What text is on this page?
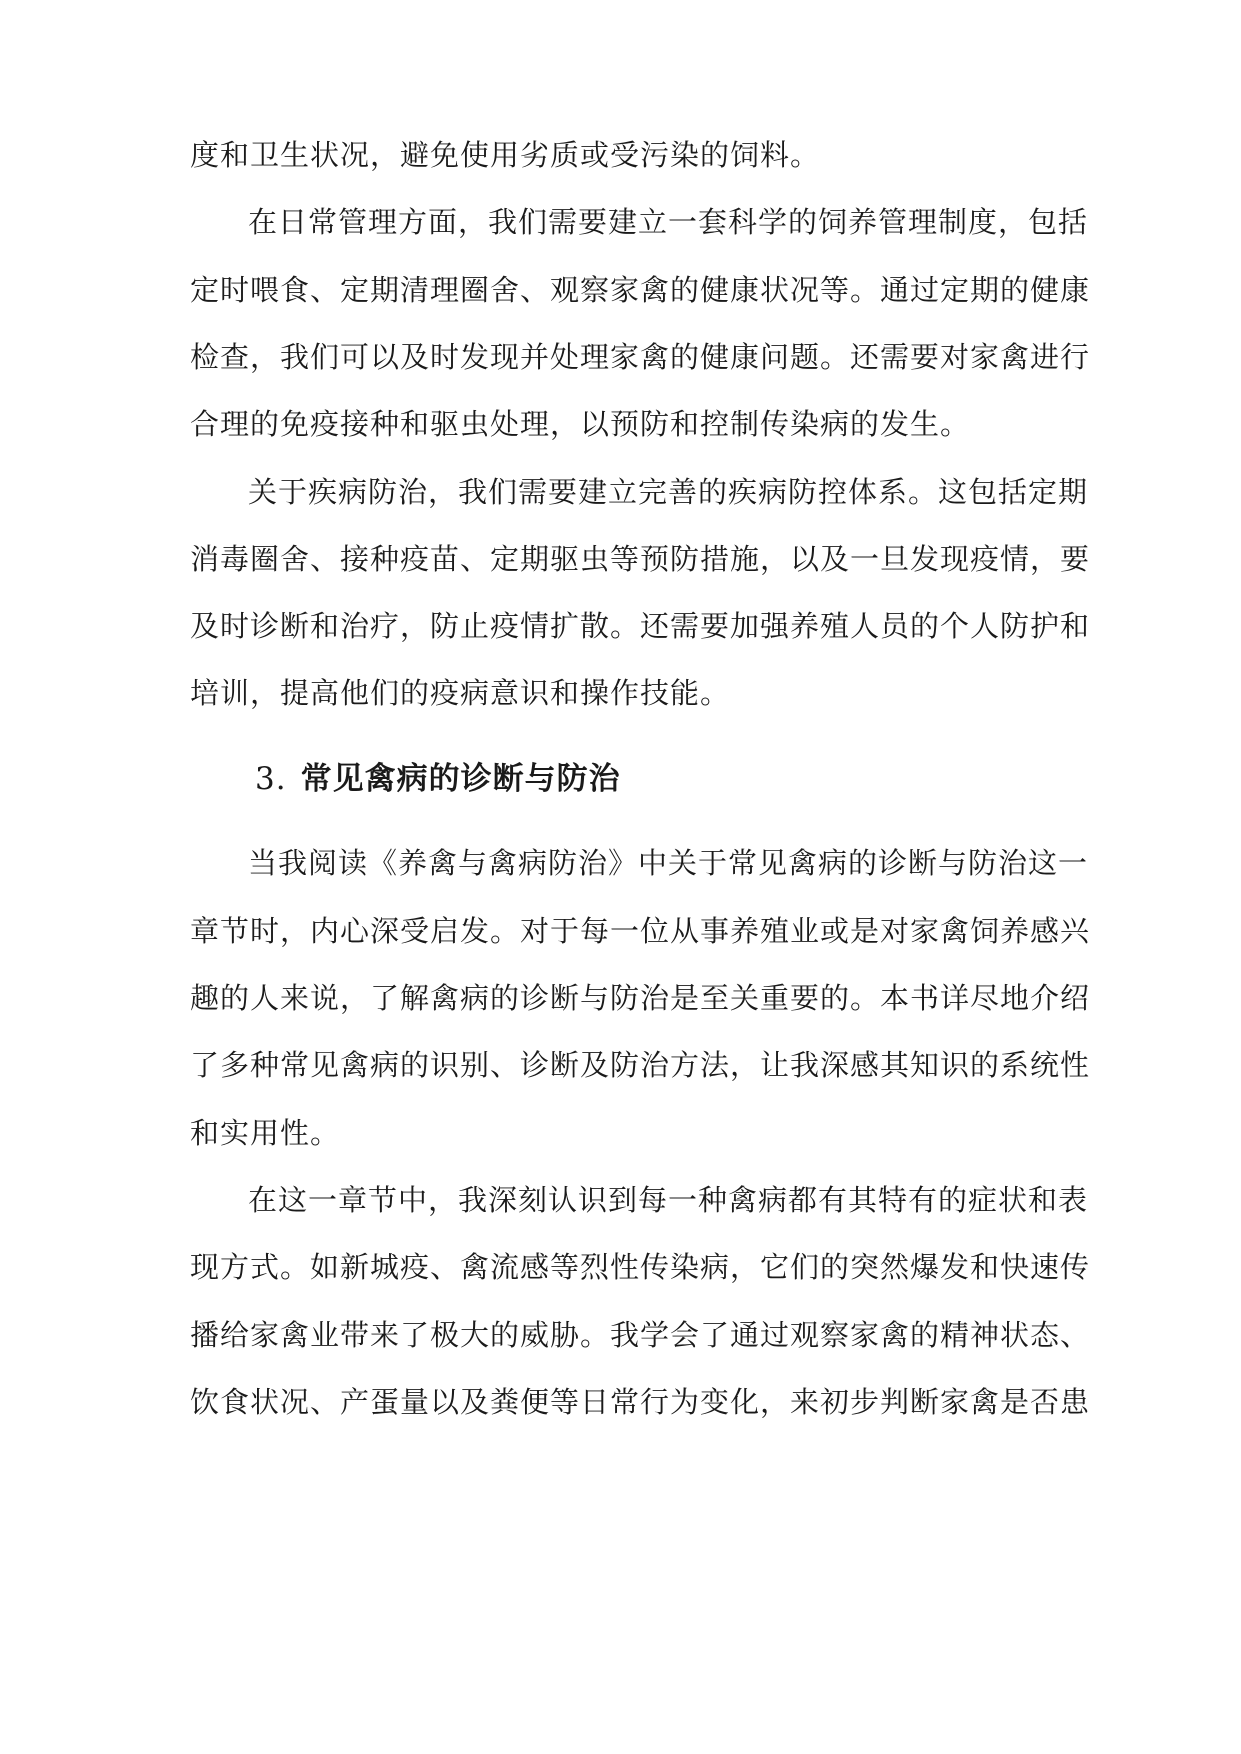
度和卫生状况，避免使用劣质或受污染的饲料。
在日常管理方面，我们需要建立一套科学的饲养管理制度，包括
定时喂食、定期清理圈舍、观察家禽的健康状况等。通过定期的健康
检查，我们可以及时发现并处理家禽的健康问题。还需要对家禽进行
合理的免疫接种和驱虫处理，以预防和控制传染病的发生。
关于疾病防治，我们需要建立完善的疾病防控体系。这包括定期
消毒圈舍、接种疫苗、定期驱虫等预防措施，以及一旦发现疫情，要
及时诊断和治疗，防止疫情扩散。还需要加强养殖人员的个人防护和
培训，提高他们的疫病意识和操作技能。
3. 常见禽病的诊断与防治
当我阅读《养禽与禽病防治》中关于常见禽病的诊断与防治这一
章节时，内心深受启发。对于每一位从事养殖业或是对家禽饲养感兴
趣的人来说，了解禽病的诊断与防治是至关重要的。本书详尽地介绍
了多种常见禽病的识别、诊断及防治方法，让我深感其知识的系统性
和实用性。
在这一章节中，我深刻认识到每一种禽病都有其特有的症状和表
现方式。如新城疫、禽流感等烈性传染病，它们的突然爆发和快速传
播给家禽业带来了极大的威胁。我学会了通过观察家禽的精神状态、
饮食状况、产蛋量以及粪便等日常行为变化，来初步判断家禽是否患
